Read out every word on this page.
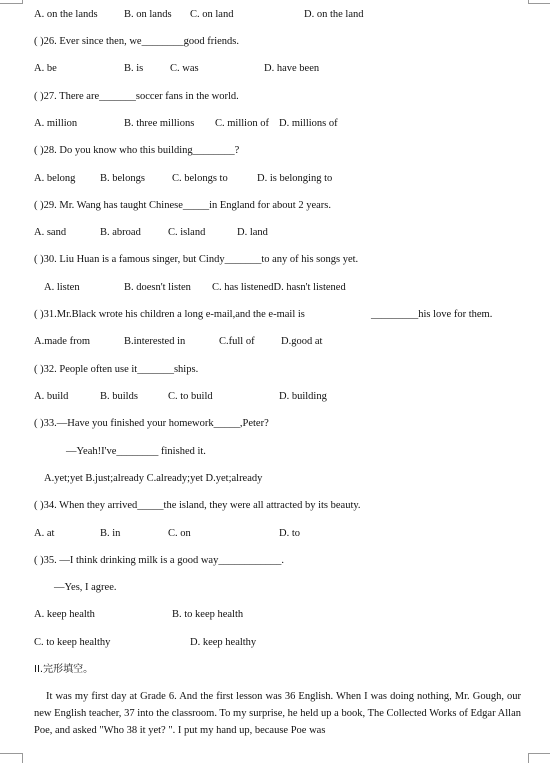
A. on the lands	B. on lands C. on land	D. on the land
( )26. Ever since then, we________good friends.
A. be	B. is	C. was	D. have been
( )27. There are_______soccer fans in the world.
A. million	B. three millions C. million of D. millions of
( )28. Do you know who this building________?
A. belong B. belongs	C. belongs to	D. is belonging to
( )29. Mr. Wang has taught Chinese_____in England for about 2 years.
A. sand	B. abroad	C. island	D. land
( )30. Liu Huan is a famous singer, but Cindy_______to any of his songs yet.
A. listen	B. doesn't listen C. has listenedD. hasn't listened
( )31.Mr.Black wrote his children a long e-mail,and the e-mail is	_________his love for them.
A.made from	B.interested in	C.full of	D.good at
( )32. People often use it_______ships.
A. build	B. builds	C. to build	D. building
( )33.—Have you finished your homework_____,Peter?
—Yeah!I've________ finished it.
A.yet;yet B.just;already C.already;yet D.yet;already
( )34. When they arrived_____the island, they were all attracted by its beauty.
A. at	B. in	C. on	D. to
( )35. —I think drinking milk is a good way____________.
—Yes, I agree.
A. keep health	B. to keep health
C. to keep healthy	D. keep healthy
II.完形填空。
It was my first day at Grade 6. And the first lesson was 36 English. When I was doing nothing, Mr. Gough, our new English teacher, 37 into the classroom. To my surprise, he held up a book, The Collected Works of Edgar Allan Poe, and asked "Who 38 it yet? ". I put my hand up, because Poe was
